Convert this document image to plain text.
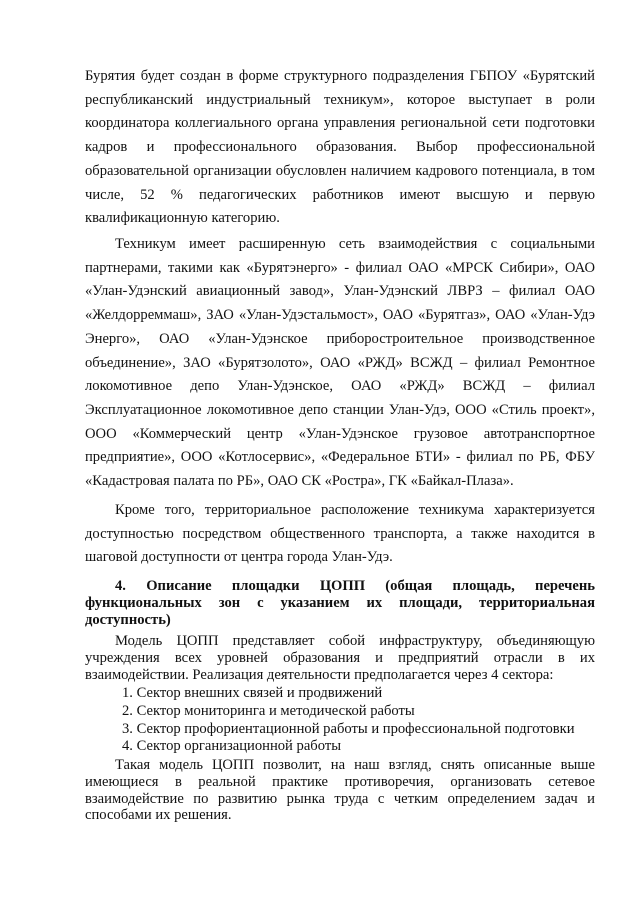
Бурятия будет создан в форме структурного подразделения ГБПОУ «Бурятский республиканский индустриальный техникум», которое выступает в роли координатора коллегиального органа управления региональной сети подготовки кадров и профессионального образования. Выбор профессиональной образовательной организации обусловлен наличием кадрового потенциала, в том числе, 52 % педагогических работников имеют высшую и первую квалификационную категорию.

Техникум имеет расширенную сеть взаимодействия с социальными партнерами, такими как «Бурятэнерго» - филиал ОАО «МРСК Сибири», ОАО «Улан-Удэнский авиационный завод», Улан-Удэнский ЛВРЗ – филиал ОАО «Желдорреммаш», ЗАО «Улан-Удэстальмост», ОАО «Бурятгаз», ОАО «Улан-Удэ Энерго», ОАО «Улан-Удэнское приборостроительное производственное объединение», ЗАО «Бурятзолото», ОАО «РЖД» ВСЖД – филиал Ремонтное локомотивное депо Улан-Удэнское, ОАО «РЖД» ВСЖД – филиал Эксплуатационное локомотивное депо станции Улан-Удэ, ООО «Стиль проект», ООО «Коммерческий центр «Улан-Удэнское грузовое автотранспортное предприятие», ООО «Котлосервис», «Федеральное БТИ» - филиал по РБ, ФБУ «Кадастровая палата по РБ», ОАО СК «Ростра», ГК «Байкал-Плаза».

Кроме того, территориальное расположение техникума характеризуется доступностью посредством общественного транспорта, а также находится в шаговой доступности от центра города Улан-Удэ.

4. Описание площадки ЦОПП (общая площадь, перечень функциональных зон с указанием их площади, территориальная доступность)

Модель ЦОПП представляет собой инфраструктуру, объединяющую учреждения всех уровней образования и предприятий отрасли в их взаимодействии. Реализация деятельности предполагается через 4 сектора:

1. Сектор внешних связей и продвижений
2. Сектор мониторинга и методической работы
3. Сектор профориентационной работы и профессиональной подготовки
4. Сектор организационной работы

Такая модель ЦОПП позволит, на наш взгляд, снять описанные выше имеющиеся в реальной практике противоречия, организовать сетевое взаимодействие по развитию рынка труда с четким определением задач и способами их решения.
